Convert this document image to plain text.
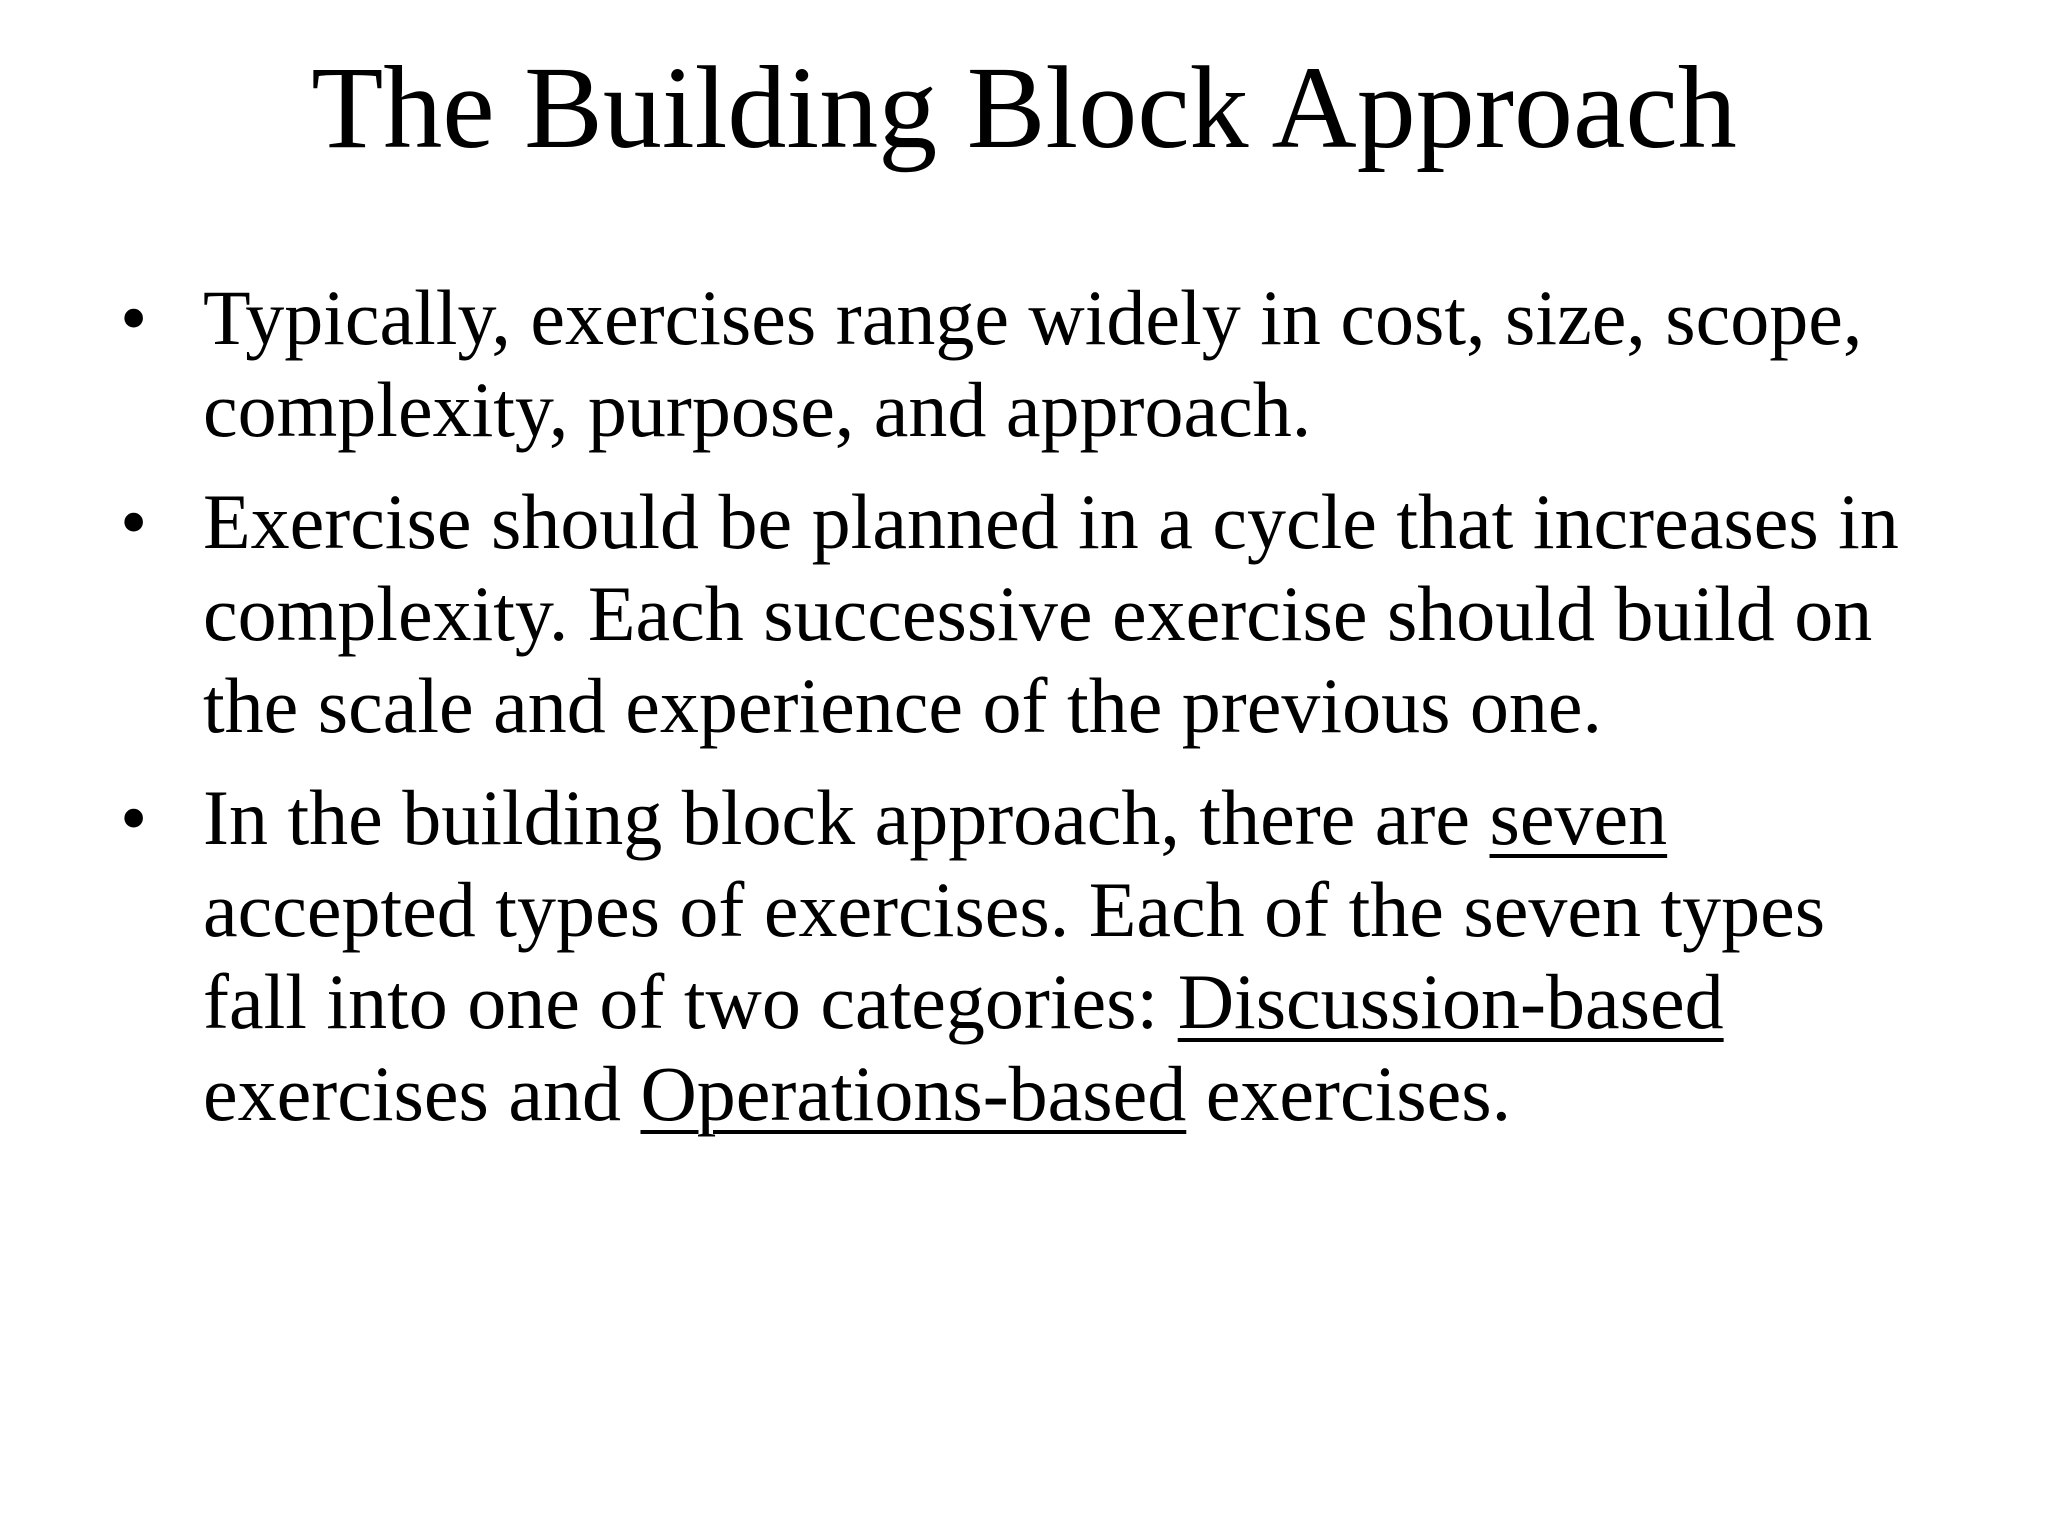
The Building Block Approach
• Typically, exercises range widely in cost, size, scope,
complexity, purpose, and approach.
• Exercise should be planned in a cycle that increases in
complexity. Each successive exercise should build on
the scale and experience of the previous one.
• In the building block approach, there are seven
accepted types of exercises. Each of the seven types
fall into one of two categories: Discussion-based
exercises and Operations-based exercises.
